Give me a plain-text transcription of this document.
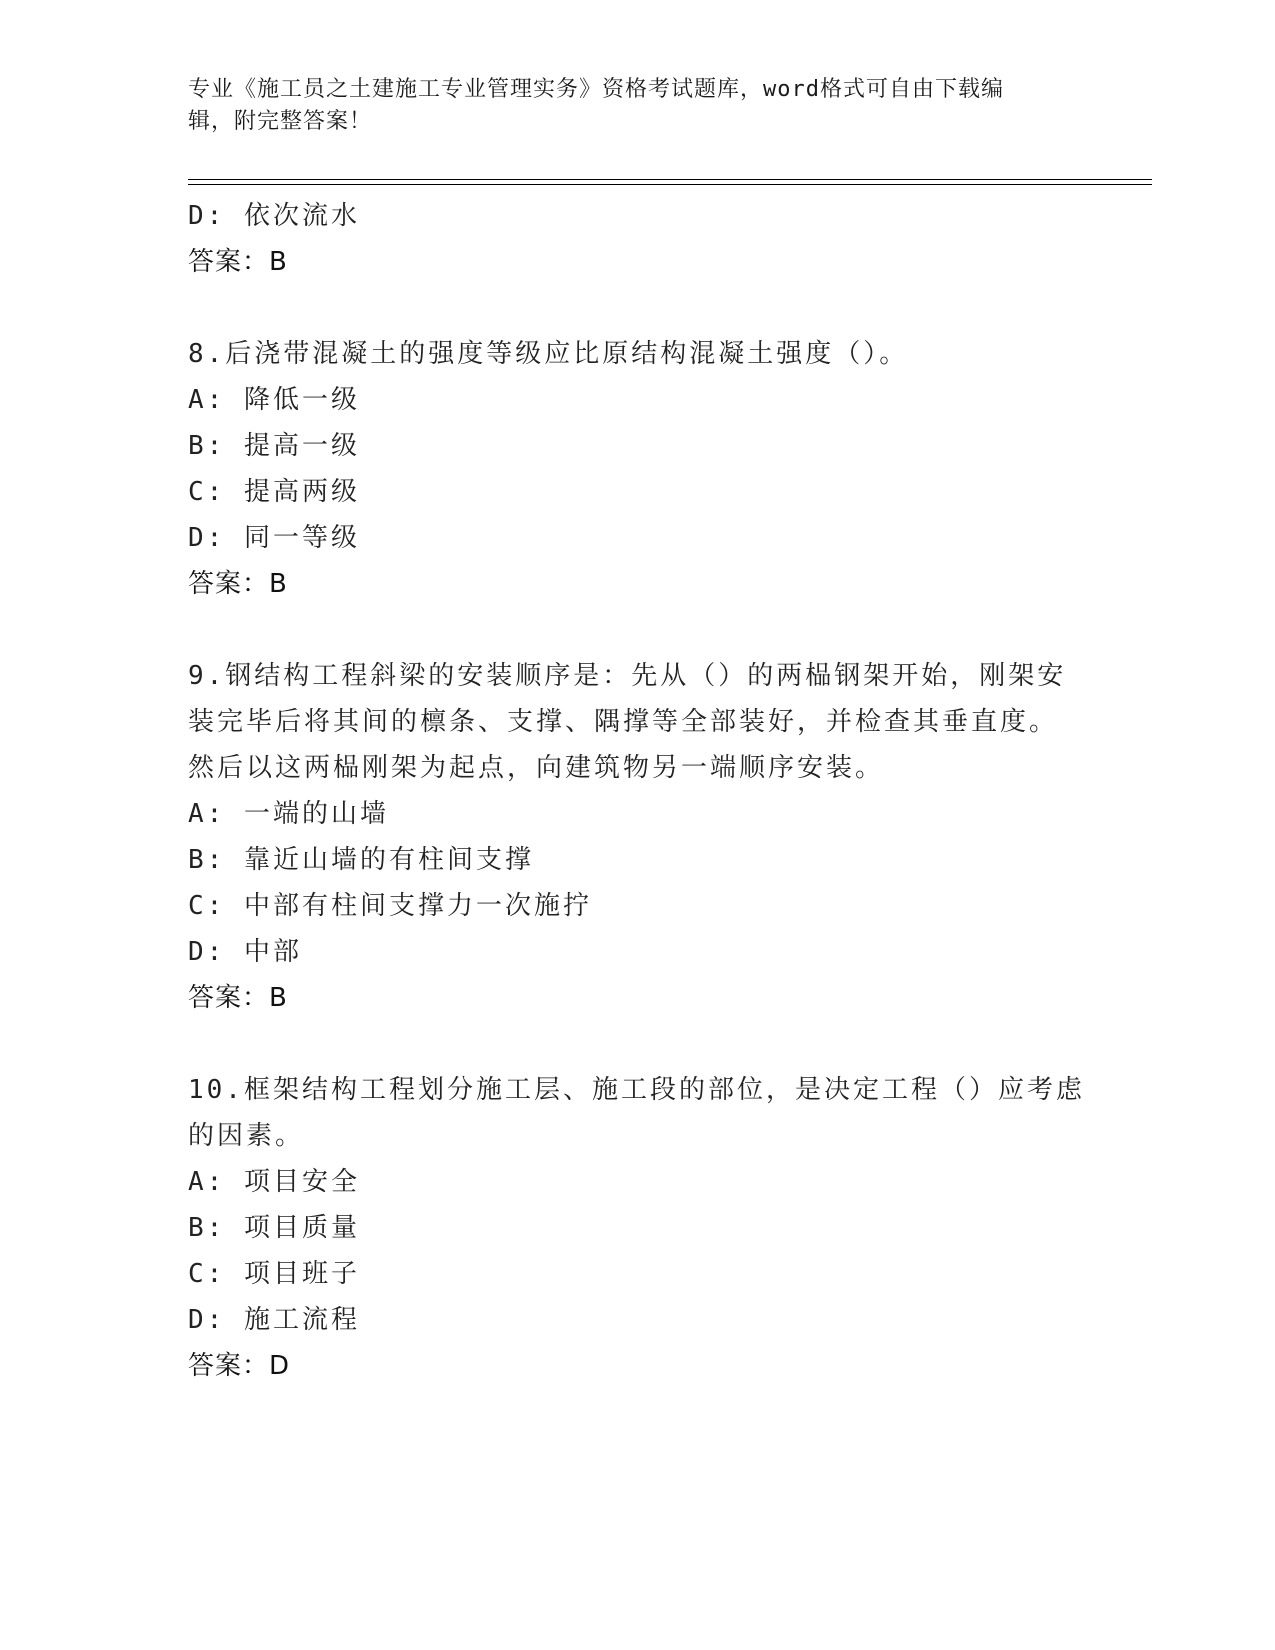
专业《施工员之土建施工专业管理实务》资格考试题库，word格式可自由下载编
辑，附完整答案！
D: 依次流水
答案：B
8.后浇带混凝土的强度等级应比原结构混凝土强度（）。
A: 降低一级
B: 提高一级
C: 提高两级
D: 同一等级
答案：B
9.钢结构工程斜梁的安装顺序是：先从（）的两榀钢架开始，刚架安
装完毕后将其间的檩条、支撑、隅撑等全部装好，并检查其垂直度。
然后以这两榀刚架为起点，向建筑物另一端顺序安装。
A: 一端的山墙
B: 靠近山墙的有柱间支撑
C: 中部有柱间支撑力一次施拧
D: 中部
答案：B
10.框架结构工程划分施工层、施工段的部位，是决定工程（）应考虑
的因素。
A: 项目安全
B: 项目质量
C: 项目班子
D: 施工流程
答案：D
